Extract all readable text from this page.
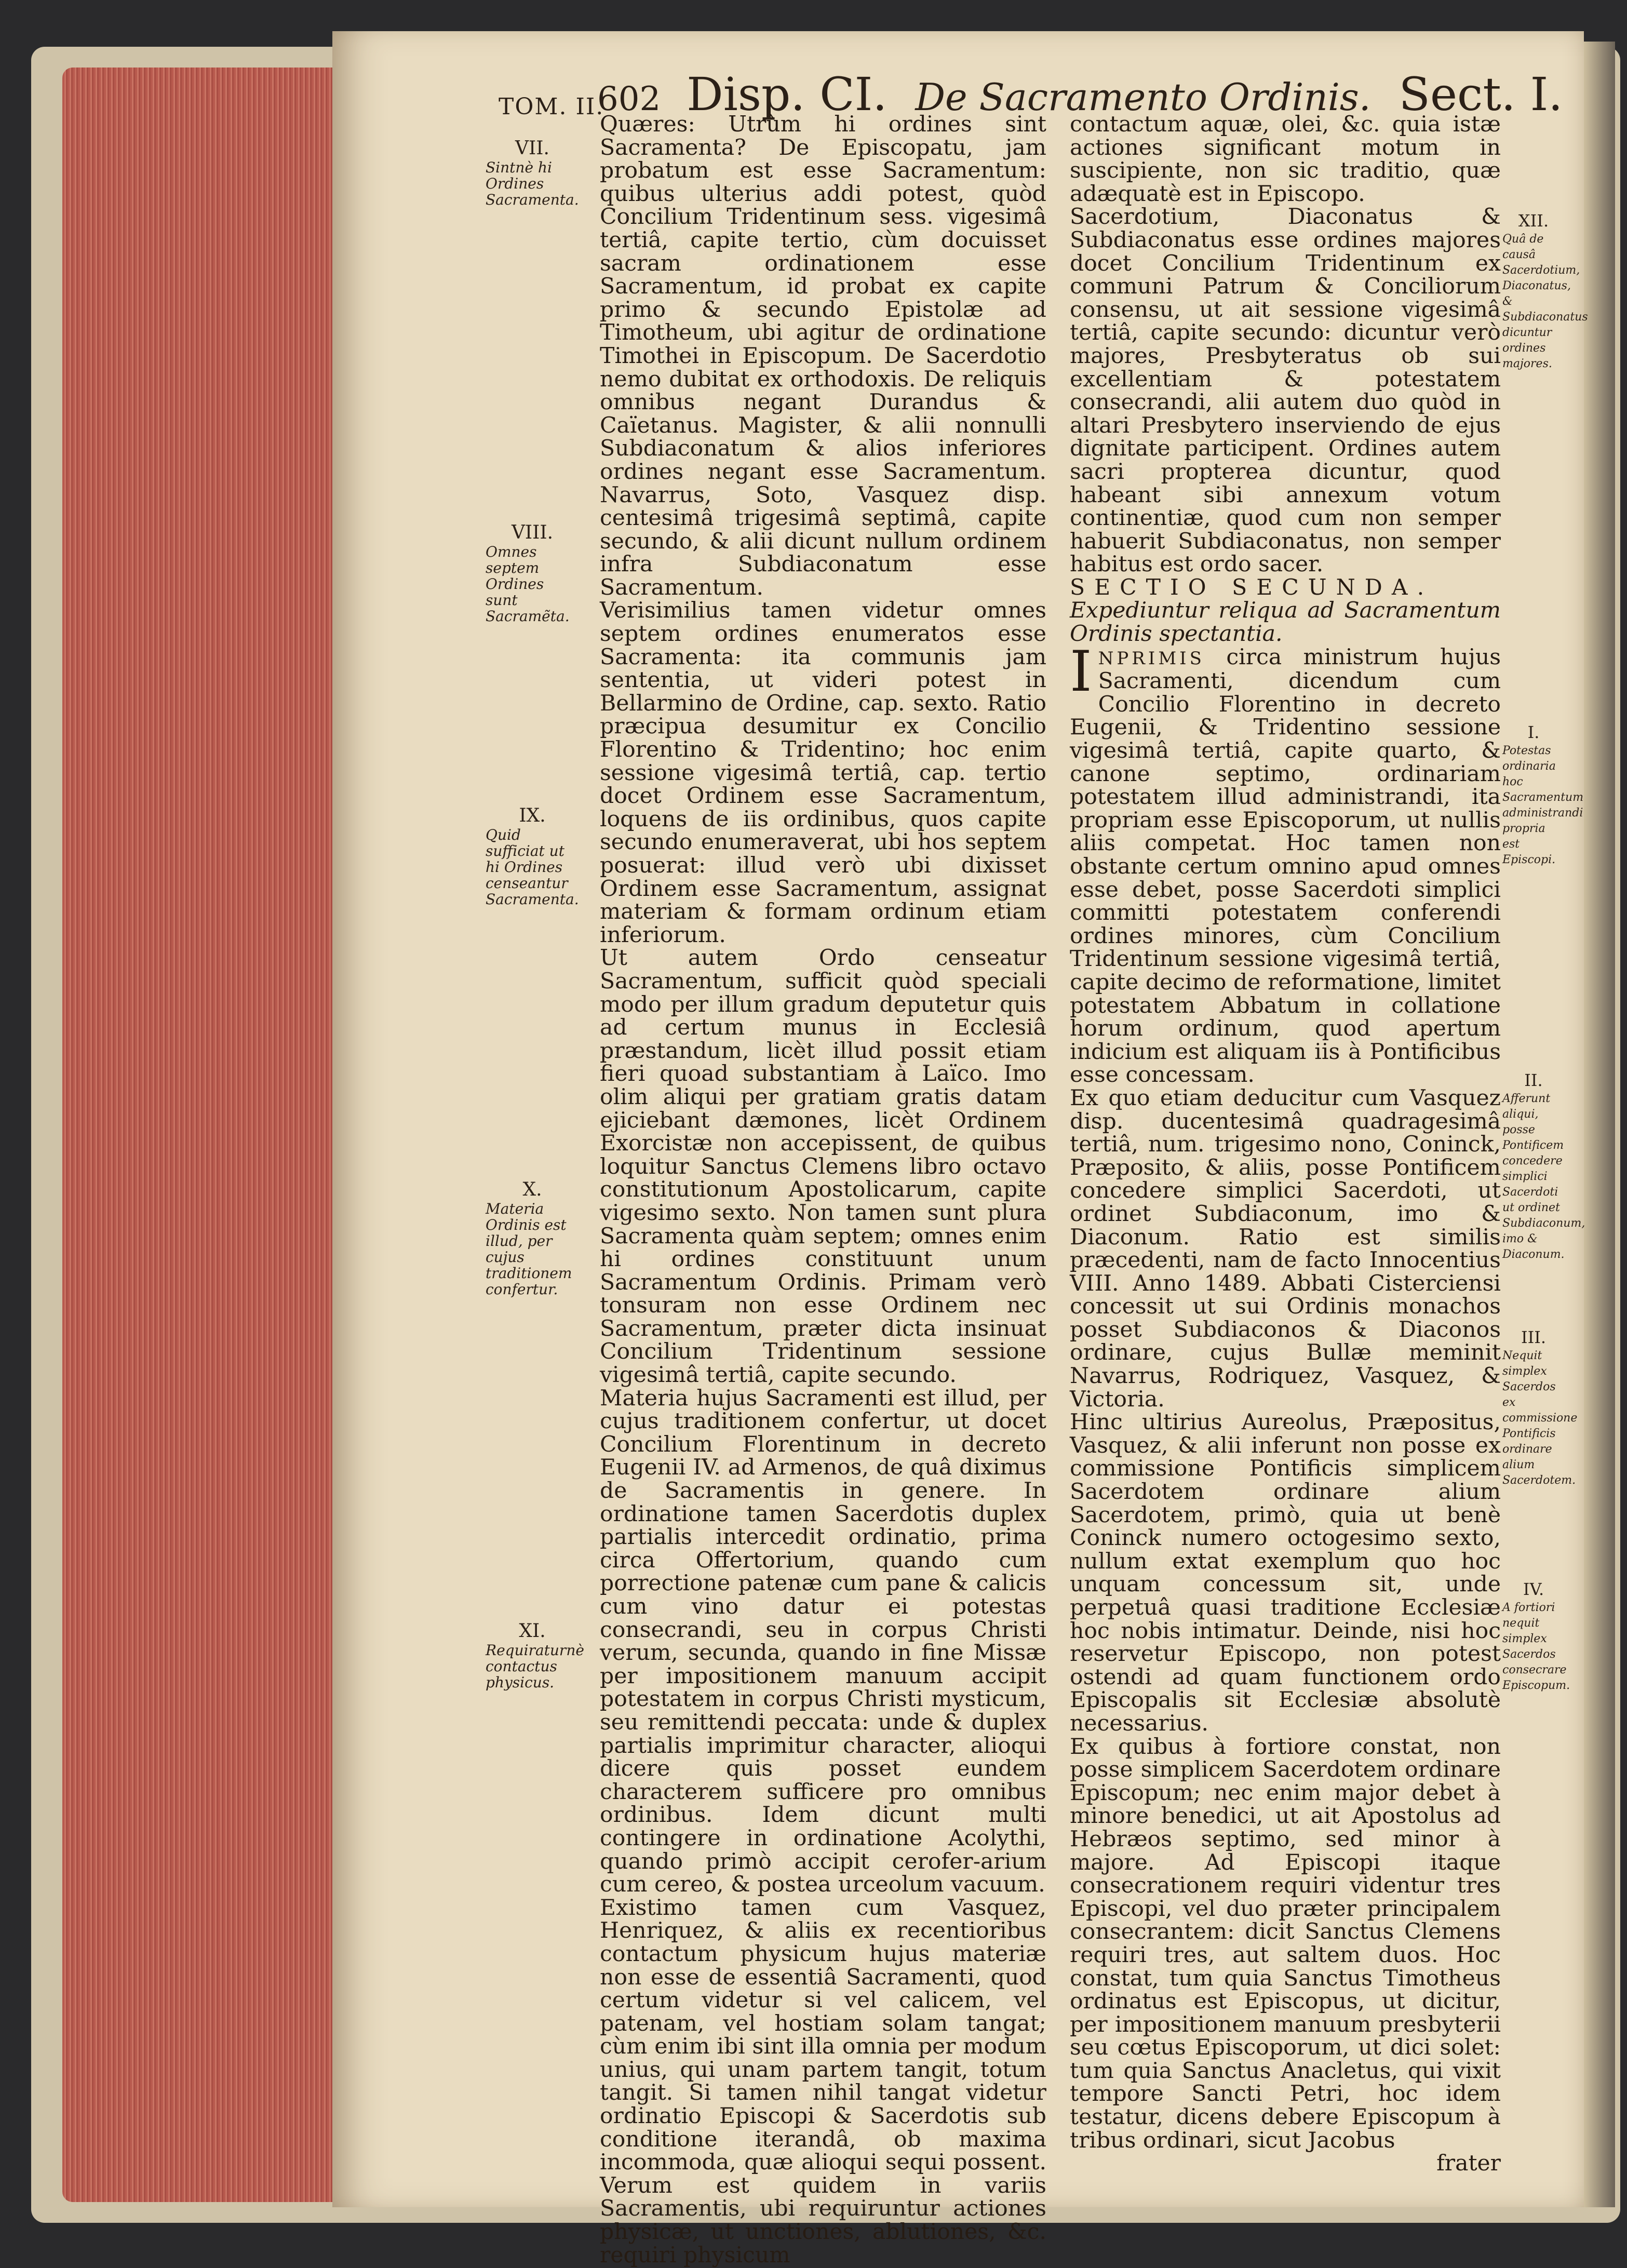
TOM. II.
602 Disp. CI. De Sacramento Ordinis. Sect. I.
VII.
Sintnè hi Ordines Sacramenta.
VIII.
Omnes septem Ordines sunt Sacramẽta.
IX.
Quid sufficiat ut hi Ordines censeantur Sacramenta.
X.
Materia Ordinis est illud, per cujus traditionem confertur.
XI.
Requiraturnè contactus physicus.

Quæres: Utrùm hi ordines sint Sacramenta? De Episcopatu, jam probatum est esse Sacramentum: quibus ulterius addi potest, quòd Concilium Tridentinum sess. vigesimâ tertiâ, capite tertio, cùm docuisset sacram ordinationem esse Sacramentum, id probat ex capite primo & secundo Epistolæ ad Timotheum, ubi agitur de ordinatione Timothei in Episcopum. De Sacerdotio nemo dubitat ex orthodoxis. De reliquis omnibus negant Durandus & Caïetanus. Magister, & alii nonnulli Subdiaconatum & alios inferiores ordines negant esse Sacramentum. Navarrus, Soto, Vasquez disp. centesimâ trigesimâ septimâ, capite secundo, & alii dicunt nullum ordinem infra Subdiaconatum esse Sacramentum.

Verisimilius tamen videtur omnes septem ordines enumeratos esse Sacramenta: ita communis jam sententia, ut videri potest in Bellarmino de Ordine, cap. sexto. Ratio præcipua desumitur ex Concilio Florentino & Tridentino; hoc enim sessione vigesimâ tertiâ, cap. tertio docet Ordinem esse Sacramentum, loquens de iis ordinibus, quos capite secundo enumeraverat, ubi hos septem posuerat: illud verò ubi dixisset Ordinem esse Sacramentum, assignat materiam & formam ordinum etiam inferiorum.

Ut autem Ordo censeatur Sacramentum, sufficit quòd speciali modo per illum gradum deputetur quis ad certum munus in Ecclesiâ præstandum, licèt illud possit etiam fieri quoad substantiam à Laïco. Imo olim aliqui per gratiam gratis datam ejiciebant dæmones, licèt Ordinem Exorcistæ non accepissent, de quibus loquitur Sanctus Clemens libro octavo constitutionum Apostolicarum, capite vigesimo sexto. Non tamen sunt plura Sacramenta quàm septem; omnes enim hi ordines constituunt unum Sacramentum Ordinis. Primam verò tonsuram non esse Ordinem nec Sacramentum, præter dicta insinuat Concilium Tridentinum sessione vigesimâ tertiâ, capite secundo.

Materia hujus Sacramenti est illud, per cujus traditionem confertur, ut docet Concilium Florentinum in decreto Eugenii IV. ad Armenos, de quâ diximus de Sacramentis in genere. In ordinatione tamen Sacerdotis duplex partialis intercedit ordinatio, prima circa Offertorium, quando cum porrectione patenæ cum pane & calicis cum vino datur ei potestas consecrandi, seu in corpus Christi verum, secunda, quando in fine Missæ per impositionem manuum accipit potestatem in corpus Christi mysticum, seu remittendi peccata: unde & duplex partialis imprimitur character, alioqui dicere quis posset eundem characterem sufficere pro omnibus ordinibus. Idem dicunt multi contingere in ordinatione Acolythi, quando primò accipit cerofer-arium cum cereo, & postea urceolum vacuum.

Existimo tamen cum Vasquez, Henriquez, & aliis ex recentioribus contactum physicum hujus materiæ non esse de essentiâ Sacramenti, quod certum videtur si vel calicem, vel patenam, vel hostiam solam tangat; cùm enim ibi sint illa omnia per modum unius, qui unam partem tangit, totum tangit. Si tamen nihil tangat videtur ordinatio Episcopi & Sacerdotis sub conditione iterandâ, ob maxima incommoda, quæ alioqui sequi possent. Verum est quidem in variis Sacramentis, ubi requiruntur actiones physicæ, ut unctiones, ablutiones, &c. requiri physicum

contactum aquæ, olei, &c. quia istæ actiones significant motum in suscipiente, non sic traditio, quæ adæquatè est in Episcopo.

Sacerdotium, Diaconatus & Subdiaconatus esse ordines majores docet Concilium Tridentinum ex communi Patrum & Conciliorum consensu, ut ait sessione vigesimâ tertiâ, capite secundo: dicuntur verò majores, Presbyteratus ob sui excellentiam & potestatem consecrandi, alii autem duo quòd in altari Presbytero inserviendo de ejus dignitate participent. Ordines autem sacri propterea dicuntur, quod habeant sibi annexum votum continentiæ, quod cum non semper habuerit Subdiaconatus, non semper habitus est ordo sacer.

SECTIO SECUNDA.

Expediuntur reliqua ad Sacramentum Ordinis spectantia.

INPRIMIS circa ministrum hujus Sacramenti, dicendum cum Concilio Florentino in decreto Eugenii, & Tridentino sessione vigesimâ tertiâ, capite quarto, & canone septimo, ordinariam potestatem illud administrandi, ita propriam esse Episcoporum, ut nullis aliis competat. Hoc tamen non obstante certum omnino apud omnes esse debet, posse Sacerdoti simplici committi potestatem conferendi ordines minores, cùm Concilium Tridentinum sessione vigesimâ tertiâ, capite decimo de reformatione, limitet potestatem Abbatum in collatione horum ordinum, quod apertum indicium est aliquam iis à Pontificibus esse concessam.

Ex quo etiam deducitur cum Vasquez disp. ducentesimâ quadragesimâ tertiâ, num. trigesimo nono, Coninck, Præposito, & aliis, posse Pontificem concedere simplici Sacerdoti, ut ordinet Subdiaconum, imo & Diaconum. Ratio est similis præcedenti, nam de facto Innocentius VIII. Anno 1489. Abbati Cisterciensi concessit ut sui Ordinis monachos posset Subdiaconos & Diaconos ordinare, cujus Bullæ meminit Navarrus, Rodriquez, Vasquez, & Victoria.

Hinc ultirius Aureolus, Præpositus, Vasquez, & alii inferunt non posse ex commissione Pontificis simplicem Sacerdotem ordinare alium Sacerdotem, primò, quia ut benè Coninck numero octogesimo sexto, nullum extat exemplum quo hoc unquam concessum sit, unde perpetuâ quasi traditione Ecclesiæ hoc nobis intimatur. Deinde, nisi hoc reservetur Episcopo, non potest ostendi ad quam functionem ordo Episcopalis sit Ecclesiæ absolutè necessarius.

Ex quibus à fortiore constat, non posse simplicem Sacerdotem ordinare Episcopum; nec enim major debet à minore benedici, ut ait Apostolus ad Hebræos septimo, sed minor à majore. Ad Episcopi itaque consecrationem requiri videntur tres Episcopi, vel duo præter principalem consecrantem: dicit Sanctus Clemens requiri tres, aut saltem duos. Hoc constat, tum quia Sanctus Timotheus ordinatus est Episcopus, ut dicitur, per impositionem manuum presbyterii seu cœtus Episcoporum, ut dici solet: tum quia Sanctus Anacletus, qui vixit tempore Sancti Petri, hoc idem testatur, dicens debere Episcopum à tribus ordinari, sicut Jacobus

frater

XII.
Quâ de causâ Sacerdotium, Diaconatus, & Subdiaconatus dicuntur ordines majores.
I.
Potestas ordinaria hoc Sacramentum administrandi propria est Episcopi.
II.
Afferunt aliqui, posse Pontificem concedere simplici Sacerdoti ut ordinet Subdiaconum, imo & Diaconum.
III.
Nequit simplex Sacerdos ex commissione Pontificis ordinare alium Sacerdotem.
IV.
A fortiori nequit simplex Sacerdos consecrare Episcopum.
